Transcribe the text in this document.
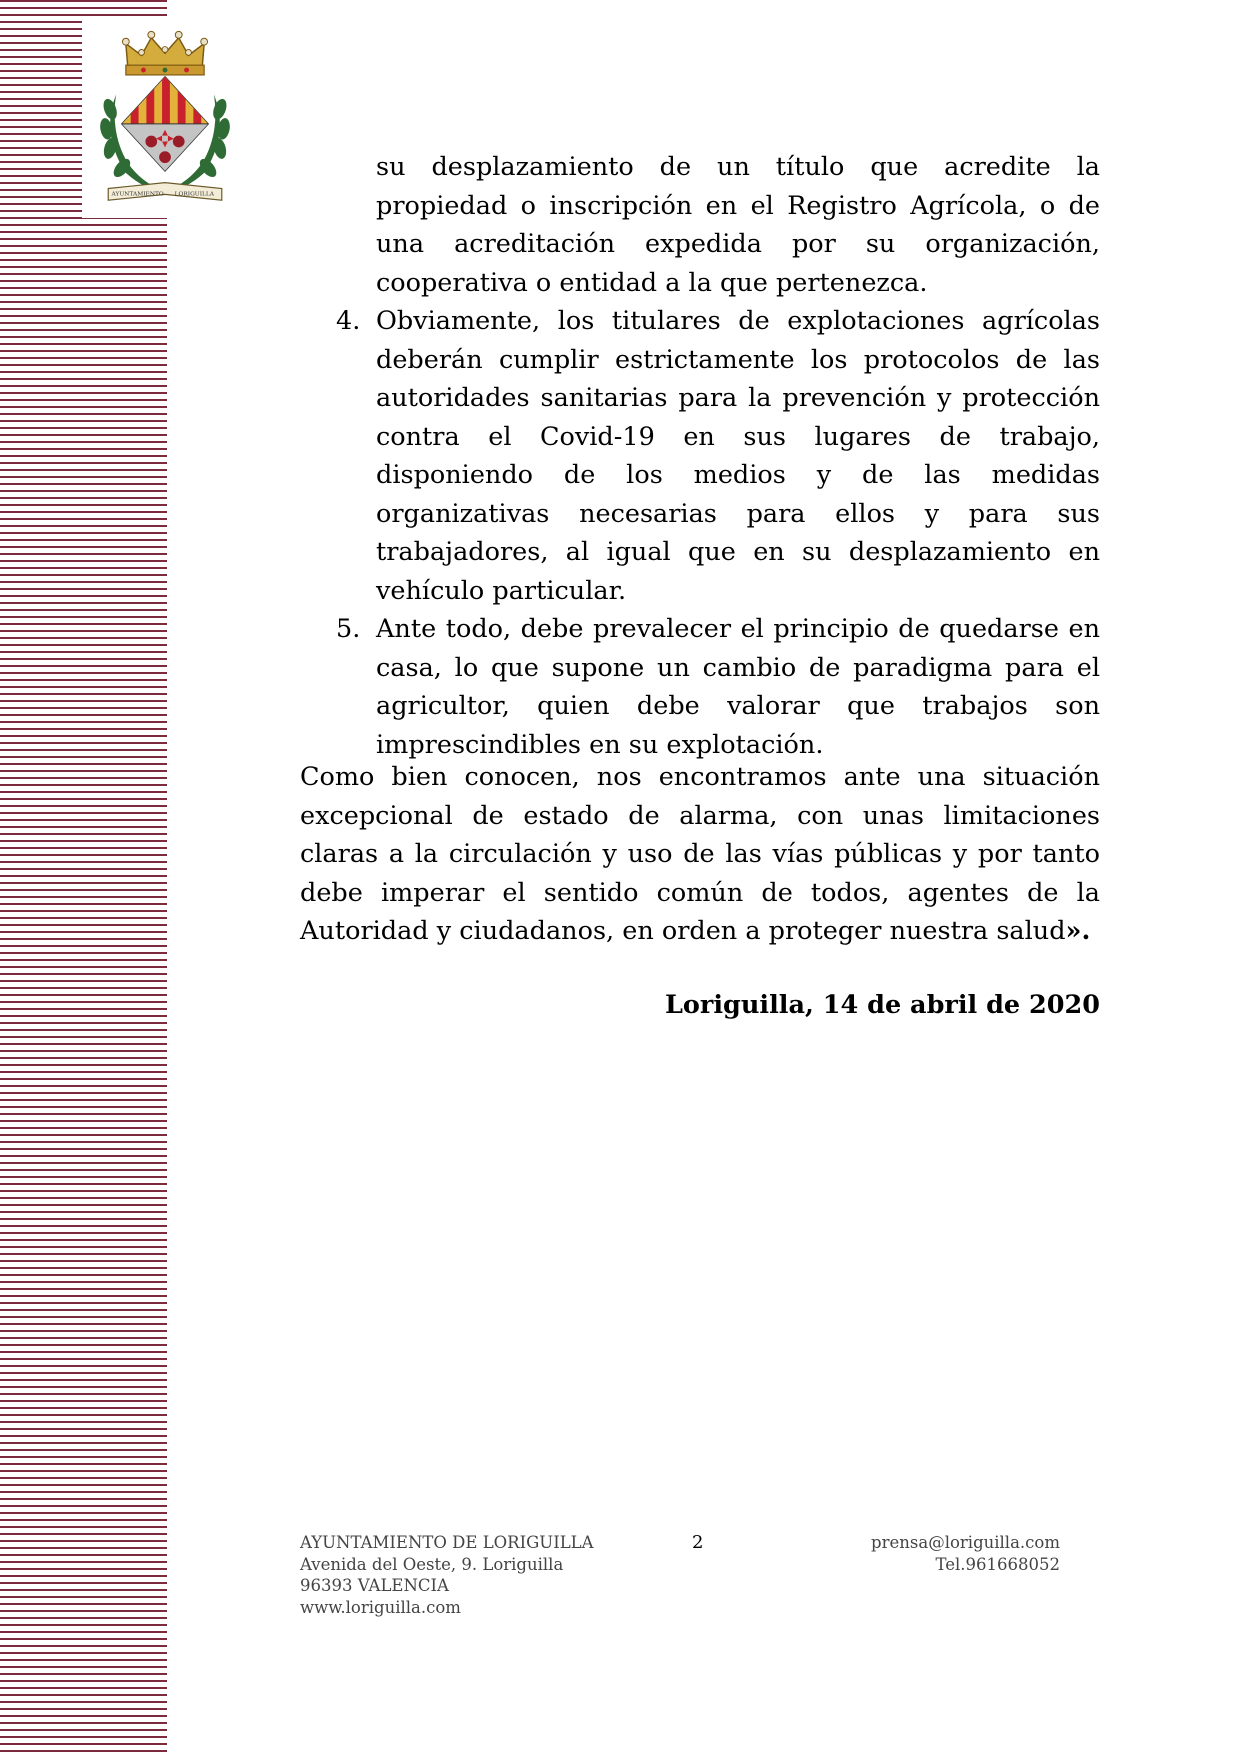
AYUNTAMIENTO LORIGUILLA

su desplazamiento de un título que acredite la propiedad o inscripción en el Registro Agrícola, o de una acreditación expedida por su organización, cooperativa o entidad a la que pertenezca.

4. Obviamente, los titulares de explotaciones agrícolas deberán cumplir estrictamente los protocolos de las autoridades sanitarias para la prevención y protección contra el Covid-19 en sus lugares de trabajo, disponiendo de los medios y de las medidas organizativas necesarias para ellos y para sus trabajadores, al igual que en su desplazamiento en vehículo particular.

5. Ante todo, debe prevalecer el principio de quedarse en casa, lo que supone un cambio de paradigma para el agricultor, quien debe valorar que trabajos son imprescindibles en su explotación.

Como bien conocen, nos encontramos ante una situación excepcional de estado de alarma, con unas limitaciones claras a la circulación y uso de las vías públicas y por tanto debe imperar el sentido común de todos, agentes de la Autoridad y ciudadanos, en orden a proteger nuestra salud».

Loriguilla, 14 de abril de 2020
AYUNTAMIENTO DE LORIGUILLA
Avenida del Oeste, 9. Loriguilla
96393 VALENCIA
www.loriguilla.com
2	prensa@loriguilla.com
Tel.961668052
